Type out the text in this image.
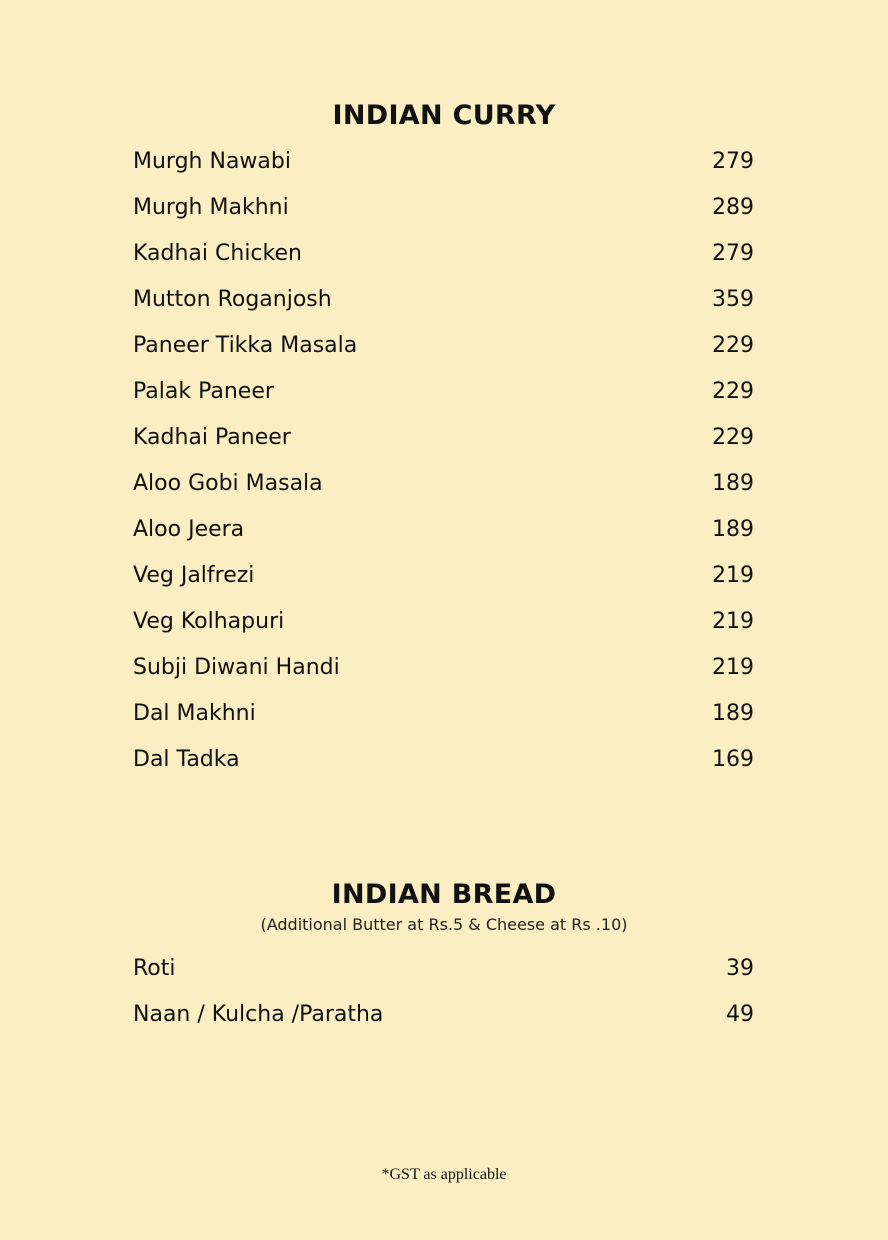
INDIAN CURRY
Murgh Nawabi	279
Murgh Makhni	289
Kadhai Chicken	279
Mutton Roganjosh	359
Paneer Tikka Masala	229
Palak Paneer	229
Kadhai Paneer	229
Aloo Gobi Masala	189
Aloo Jeera	189
Veg Jalfrezi	219
Veg Kolhapuri	219
Subji Diwani Handi	219
Dal Makhni	189
Dal Tadka	169
INDIAN BREAD

(Additional Butter at Rs.5 & Cheese at Rs .10)

Roti	39
Naan / Kulcha /Paratha	49

*GST as applicable
